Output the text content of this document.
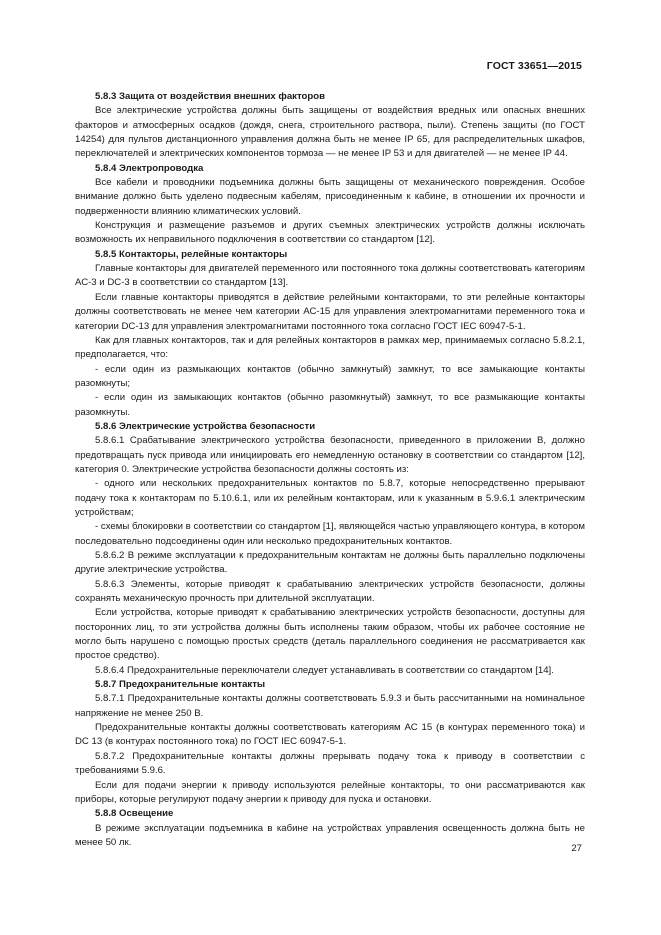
ГОСТ 33651—2015
5.8.3 Защита от воздействия внешних факторов

Все электрические устройства должны быть защищены от воздействия вредных или опасных внешних факторов и атмосферных осадков (дождя, снега, строительного раствора, пыли). Степень защиты (по ГОСТ 14254) для пультов дистанционного управления должна быть не менее IP 65, для распределительных шкафов, переключателей и электрических компонентов тормоза — не менее IP 53 и для двигателей — не менее IP 44.

5.8.4 Электропроводка

Все кабели и проводники подъемника должны быть защищены от механического повреждения. Особое внимание должно быть уделено подвесным кабелям, присоединенным к кабине, в отношении их прочности и подверженности влиянию климатических условий.

Конструкция и размещение разъемов и других съемных электрических устройств должны исключать возможность их неправильного подключения в соответствии со стандартом [12].

5.8.5 Контакторы, релейные контакторы

Главные контакторы для двигателей переменного или постоянного тока должны соответствовать категориям АС-3 и DC-3 в соответствии со стандартом [13].

Если главные контакторы приводятся в действие релейными контакторами, то эти релейные контакторы должны соответствовать не менее чем категории АС-15 для управления электромагнитами переменного тока и категории DC-13 для управления электромагнитами постоянного тока согласно ГОСТ IEC 60947-5-1.

Как для главных контакторов, так и для релейных контакторов в рамках мер, принимаемых согласно 5.8.2.1, предполагается, что:

- если один из размыкающих контактов (обычно замкнутый) замкнут, то все замыкающие контакты разомкнуты;

- если один из замыкающих контактов (обычно разомкнутый) замкнут, то все размыкающие контакты разомкнуты.

5.8.6 Электрические устройства безопасности

5.8.6.1 Срабатывание электрического устройства безопасности, приведенного в приложении В, должно предотвращать пуск привода или инициировать его немедленную остановку в соответствии со стандартом [12], категория 0. Электрические устройства безопасности должны состоять из:

- одного или нескольких предохранительных контактов по 5.8.7, которые непосредственно прерывают подачу тока к контакторам по 5.10.6.1, или их релейным контакторам, или к указанным в 5.9.6.1 электрическим устройствам;

- схемы блокировки в соответствии со стандартом [1], являющейся частью управляющего контура, в котором последовательно подсоединены один или несколько предохранительных контактов.

5.8.6.2 В режиме эксплуатации к предохранительным контактам не должны быть параллельно подключены другие электрические устройства.

5.8.6.3 Элементы, которые приводят к срабатыванию электрических устройств безопасности, должны сохранять механическую прочность при длительной эксплуатации.

Если устройства, которые приводят к срабатыванию электрических устройств безопасности, доступны для посторонних лиц, то эти устройства должны быть исполнены таким образом, чтобы их рабочее состояние не могло быть нарушено с помощью простых средств (деталь параллельного соединения не рассматривается как простое средство).

5.8.6.4 Предохранительные переключатели следует устанавливать в соответствии со стандартом [14].

5.8.7 Предохранительные контакты

5.8.7.1 Предохранительные контакты должны соответствовать 5.9.3 и быть рассчитанными на номинальное напряжение не менее 250 В.

Предохранительные контакты должны соответствовать категориям АС 15 (в контурах переменного тока) и DC 13 (в контурах постоянного тока) по ГОСТ IEC 60947-5-1.

5.8.7.2 Предохранительные контакты должны прерывать подачу тока к приводу в соответствии с требованиями 5.9.6.

Если для подачи энергии к приводу используются релейные контакторы, то они рассматриваются как приборы, которые регулируют подачу энергии к приводу для пуска и остановки.

5.8.8 Освещение

В режиме эксплуатации подъемника в кабине на устройствах управления освещенность должна быть не менее 50 лк.

27
